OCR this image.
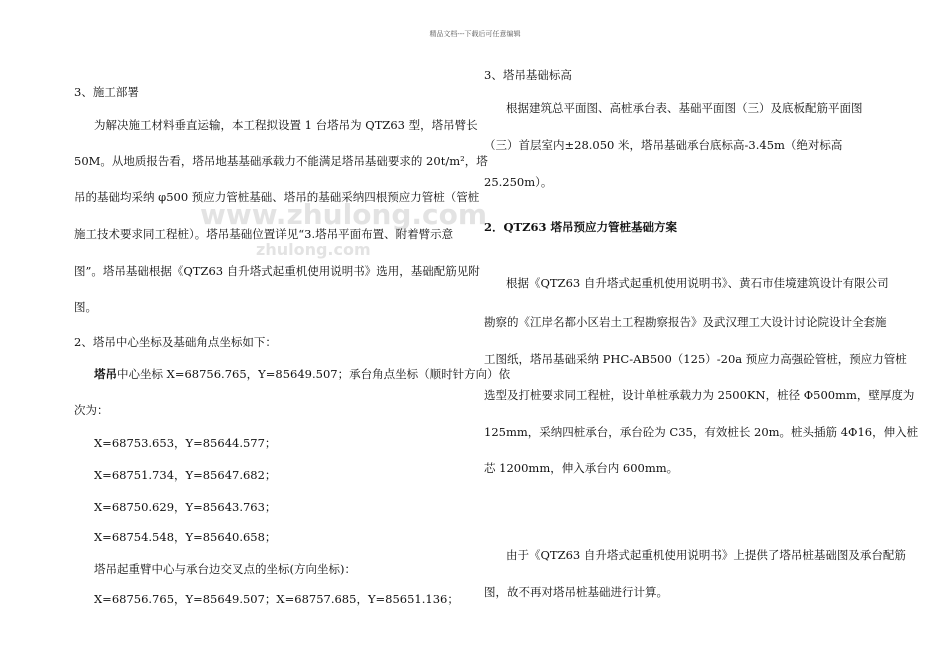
精品文档---下载后可任意编辑
www.zhulong.com
zhulong.com
3、施工部署
为解决施工材料垂直运输，本工程拟设置 1 台塔吊为 QTZ63 型，塔吊臂长
50M。从地质报告看，塔吊地基基础承载力不能满足塔吊基础要求的 20t/m²，塔
吊的基础均采纳 φ500 预应力管桩基础、塔吊的基础采纳四根预应力管桩（管桩
施工技术要求同工程桩）。塔吊基础位置详见“3.塔吊平面布置、附着臂示意
图”。塔吊基础根据《QTZ63 自升塔式起重机使用说明书》选用，基础配筋见附
图。
2、塔吊中心坐标及基础角点坐标如下：
塔吊中心坐标 X=68756.765，Y=85649.507；承台角点坐标（顺时针方向）依
次为：
X=68753.653，Y=85644.577；
X=68751.734，Y=85647.682；
X=68750.629，Y=85643.763；
X=68754.548，Y=85640.658；
塔吊起重臂中心与承台边交叉点的坐标(方向坐标)：
X=68756.765，Y=85649.507；X=68757.685，Y=85651.136；
3、塔吊基础标高
根据建筑总平面图、高桩承台表、基础平面图（三）及底板配筋平面图
（三）首层室内±28.050 米，塔吊基础承台底标高-3.45m（绝对标高
25.250m）。
2．QTZ63 塔吊预应力管桩基础方案
根据《QTZ63 自升塔式起重机使用说明书》、黄石市佳境建筑设计有限公司
勘察的《江岸名都小区岩土工程勘察报告》及武汉理工大设计讨论院设计全套施
工图纸，塔吊基础采纳 PHC-AB500（125）-20a 预应力高强砼管桩，预应力管桩
选型及打桩要求同工程桩，设计单桩承载力为 2500KN，桩径 Φ500mm，壁厚度为
125mm，采纳四桩承台，承台砼为 C35，有效桩长 20m。桩头插筋 4Φ16，伸入桩
芯 1200mm，伸入承台内 600mm。
由于《QTZ63 自升塔式起重机使用说明书》上提供了塔吊桩基础图及承台配筋
图，故不再对塔吊桩基础进行计算。
